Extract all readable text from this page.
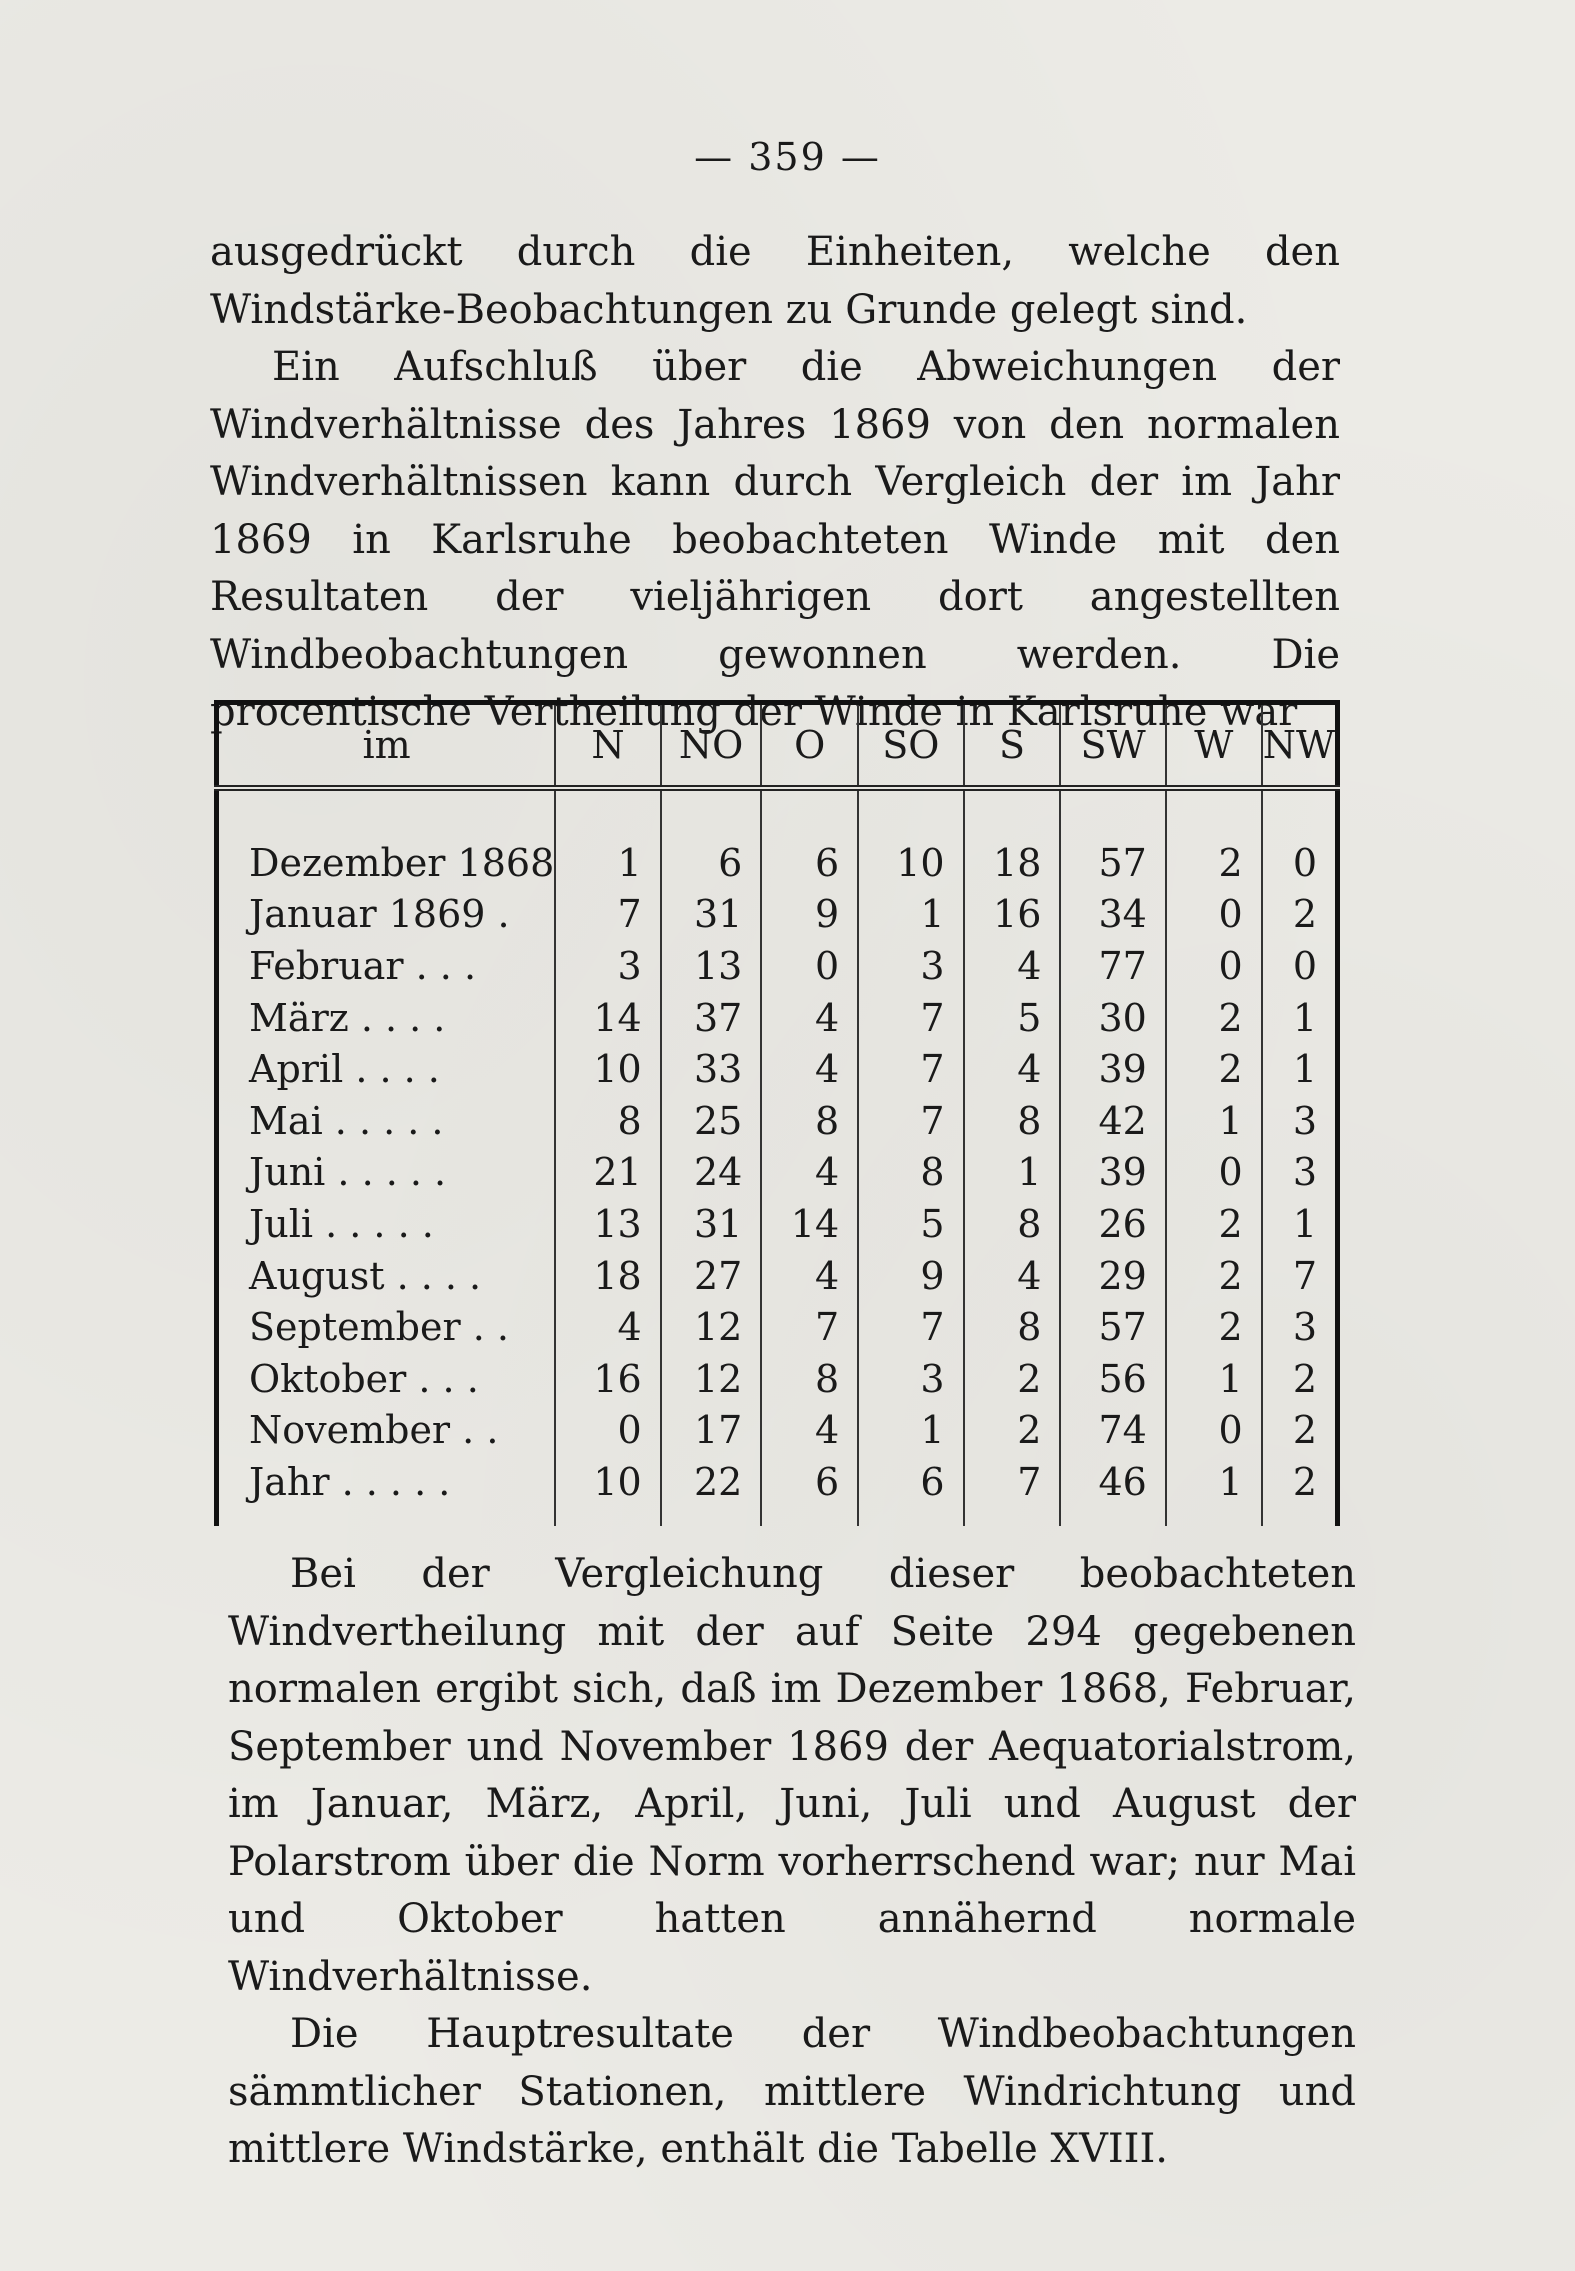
— 359 —
ausgedrückt durch die Einheiten, welche den Windstärke-Beobachtungen zu Grunde gelegt sind.
Ein Aufschluß über die Abweichungen der Windverhältnisse des Jahres 1869 von den normalen Windverhältnissen kann durch Vergleich der im Jahr 1869 in Karlsruhe beobachteten Winde mit den Resultaten der vieljährigen dort angestellten Windbeobachtungen gewonnen werden. Die procentische Vertheilung der Winde in Karlsruhe war
im	N	NO	O	SO	S	SW	W	NW

Dezember 1868	1	6	6	10	18	57	2	0
Januar 1869 .	7	31	9	1	16	34	0	2
Februar . . .	3	13	0	3	4	77	0	0
März . . . .	14	37	4	7	5	30	2	1
April . . . .	10	33	4	7	4	39	2	1
Mai . . . . .	8	25	8	7	8	42	1	3
Juni . . . . .	21	24	4	8	1	39	0	3
Juli . . . . .	13	31	14	5	8	26	2	1
August . . . .	18	27	4	9	4	29	2	7
September . .	4	12	7	7	8	57	2	3
Oktober . . .	16	12	8	3	2	56	1	2
November . .	0	17	4	1	2	74	0	2
Jahr . . . . .	10	22	6	6	7	46	1	2

Bei der Vergleichung dieser beobachteten Windvertheilung mit der auf Seite 294 gegebenen normalen ergibt sich, daß im Dezember 1868, Februar, September und November 1869 der Aequatorialstrom, im Januar, März, April, Juni, Juli und August der Polarstrom über die Norm vorherrschend war; nur Mai und Oktober hatten annähernd normale Windverhältnisse.
Die Hauptresultate der Windbeobachtungen sämmtlicher Stationen, mittlere Windrichtung und mittlere Windstärke, enthält die Tabelle XVIII.
